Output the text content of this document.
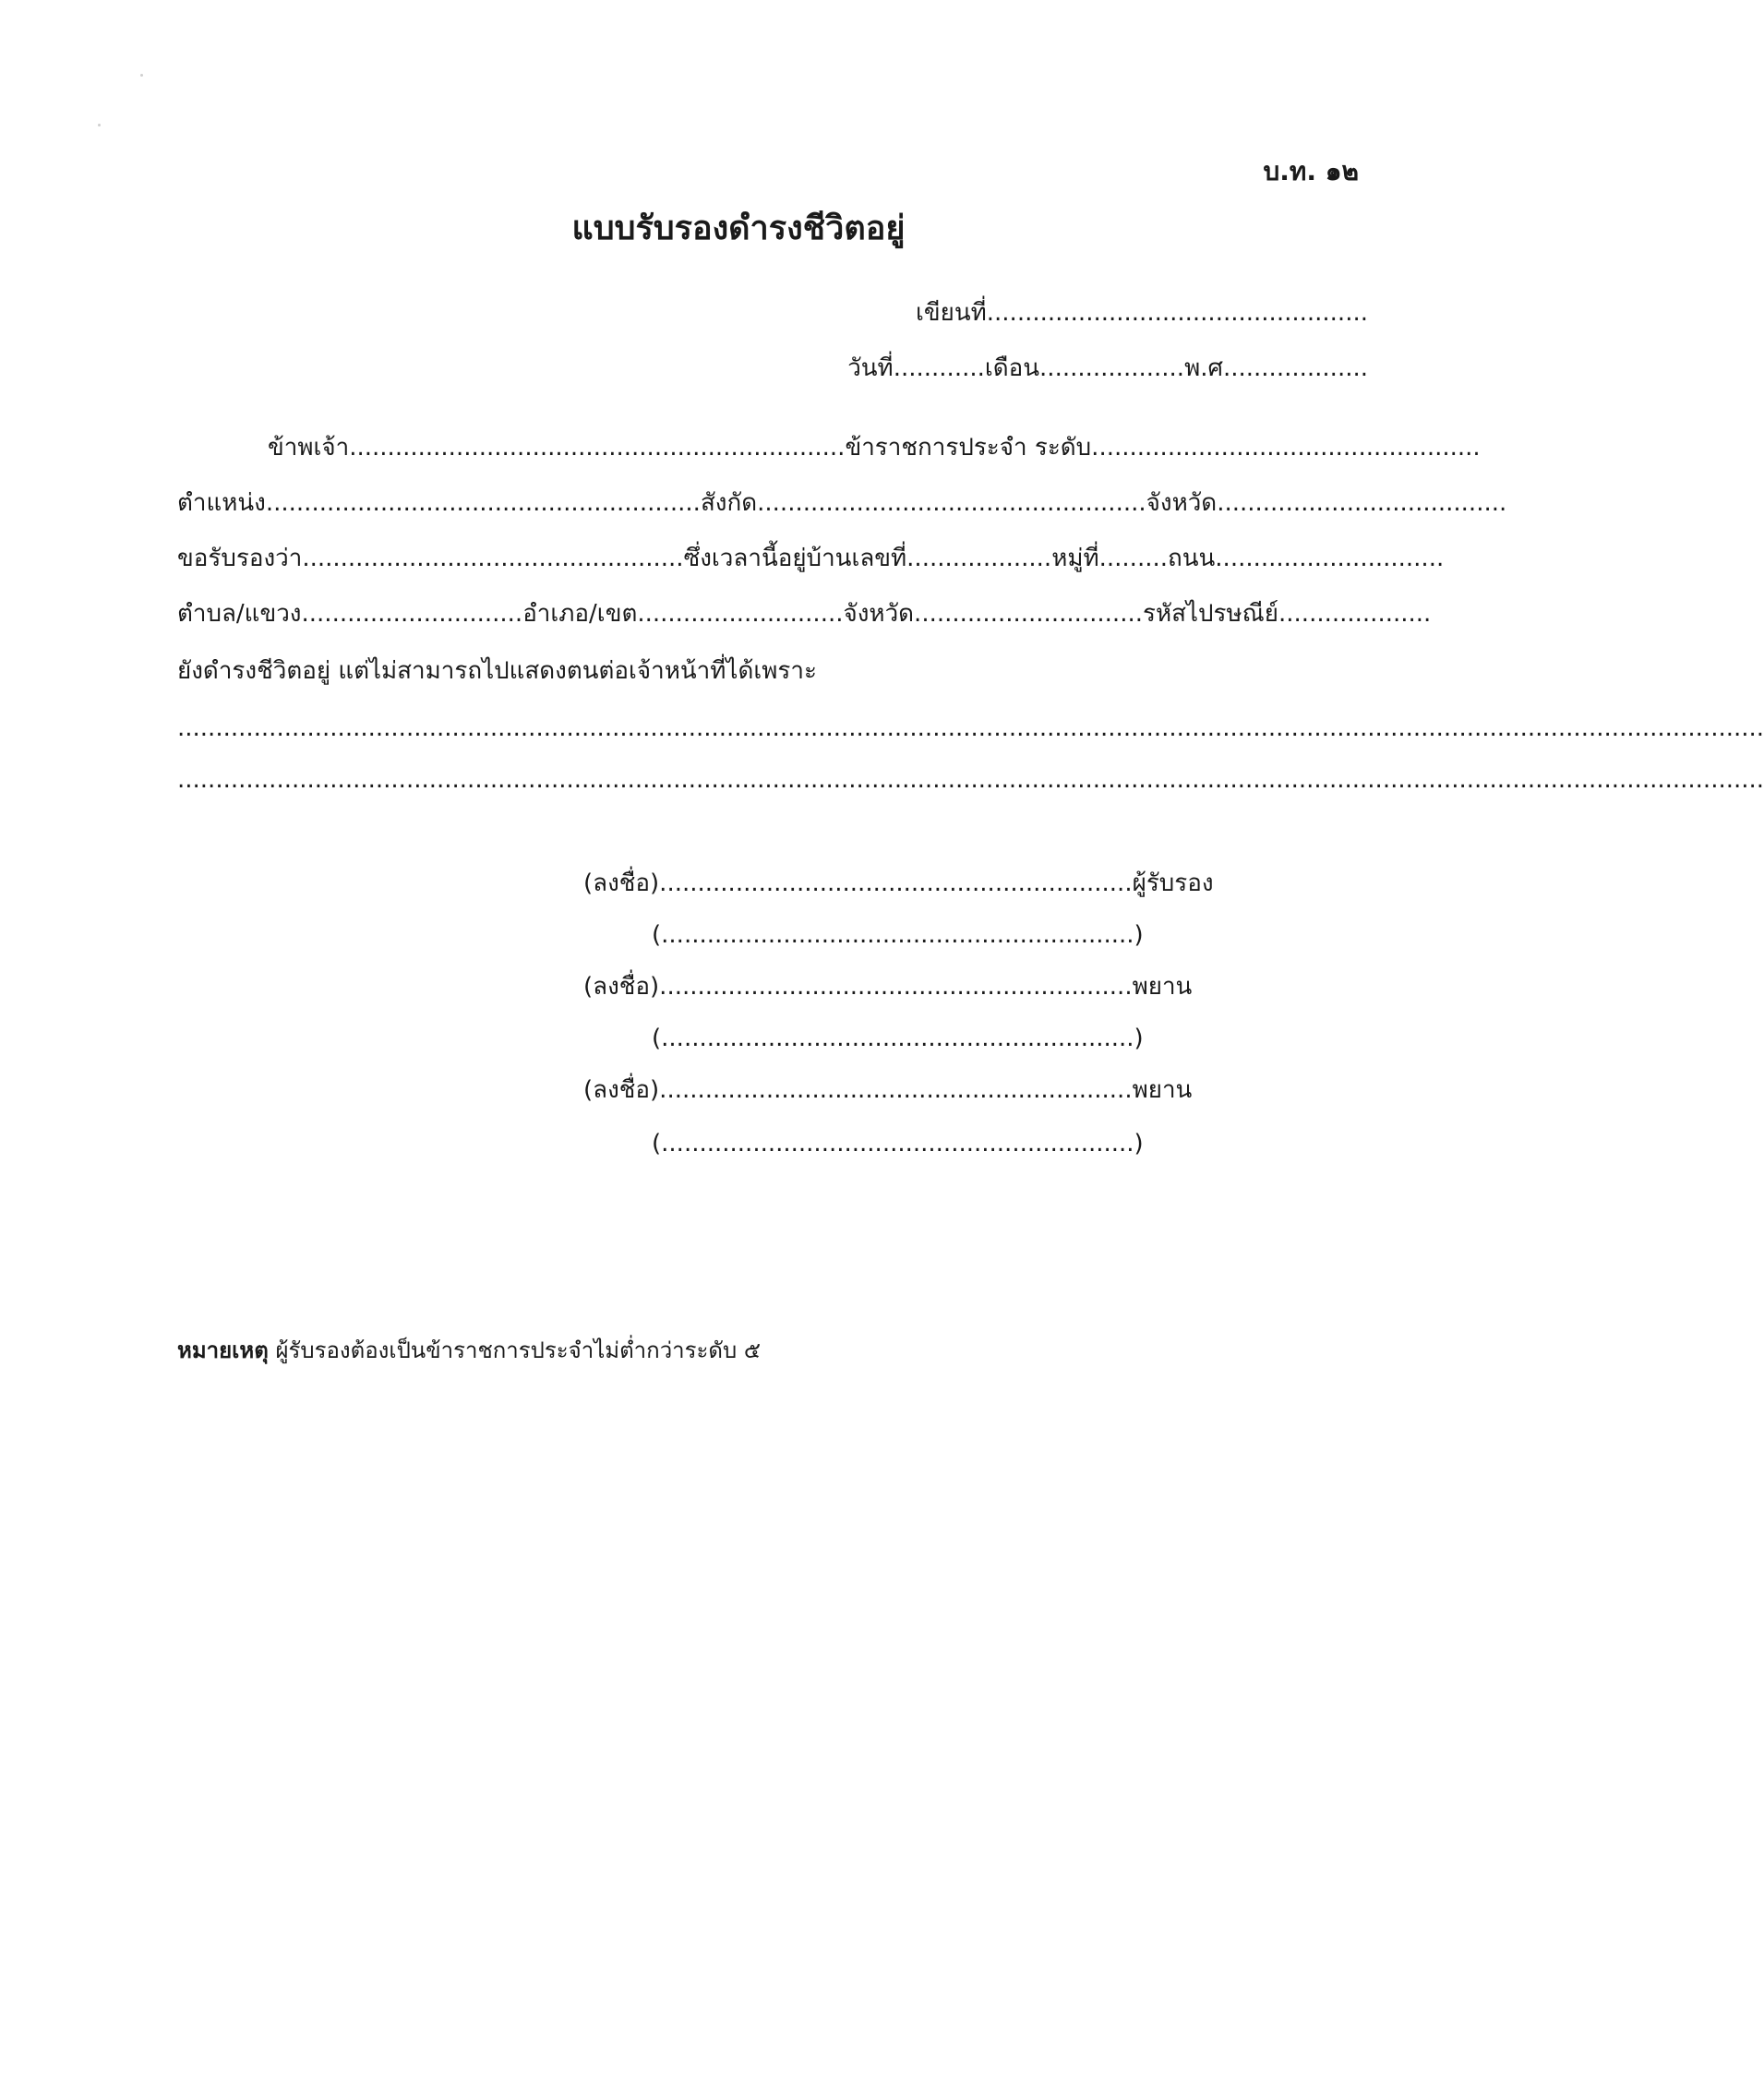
บ.ท. ๑๒
แบบรับรองดำรงชีวิตอยู่
เขียนที่..................................................
วันที่............เดือน...................พ.ศ...................
ข้าพเจ้า................................................................. ข้าราชการประจำ ระดับ...................................................
ตำแหน่ง......................................................... สังกัด................................................... จังหวัด......................................
ขอรับรองว่า.................................................. ซึ่งเวลานี้อยู่บ้านเลขที่...................หมู่ที่.........ถนน..............................
ตำบล/แขวง............................. อำเภอ/เขต........................... จังหวัด..............................รหัสไปรษณีย์....................
ยังดำรงชีวิตอยู่ แต่ไม่สามารถไปแสดงตนต่อเจ้าหน้าที่ได้เพราะ
................................................................................................................................................................................................................
................................................................................................................................................................................................................
(ลงชื่อ)..............................................................ผู้รับรอง
(..............................................................)
(ลงชื่อ)..............................................................พยาน
(..............................................................)
(ลงชื่อ)..............................................................พยาน
(..............................................................)
หมายเหตุ ผู้รับรองต้องเป็นข้าราชการประจำไม่ต่ำกว่าระดับ ๕
